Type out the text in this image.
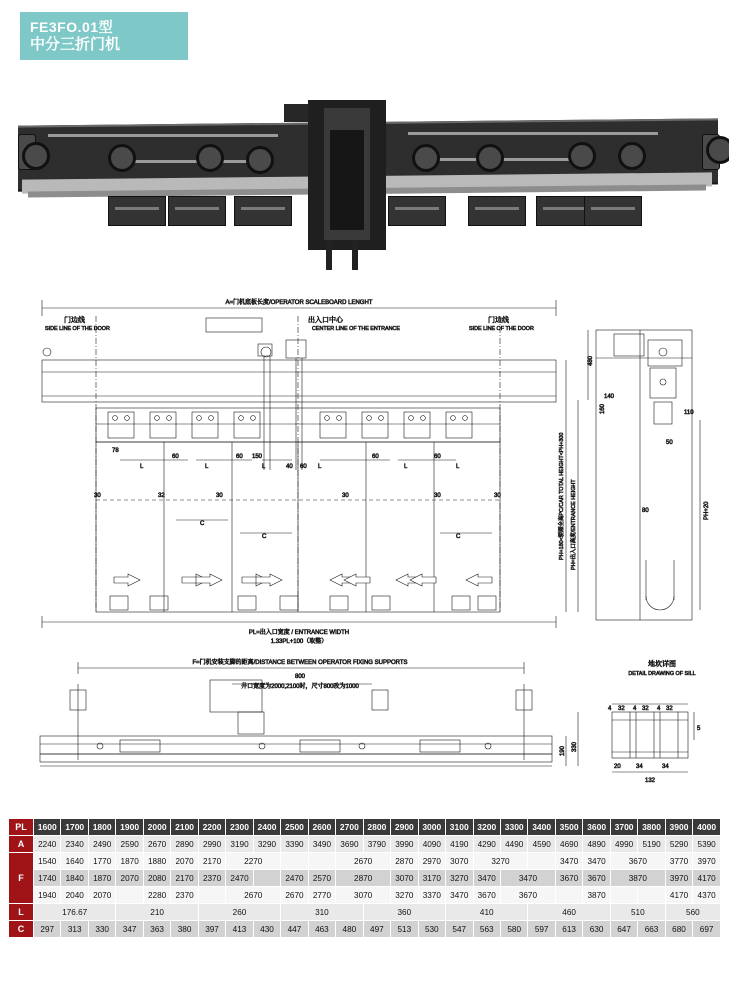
FE3FO.01型
中分三折门机
A=门机底板长度/OPERATOR SCALEBOARD LENGHT
门边线
SIDE LINE OF THE DOOR
出入口中心
CENTER LINE OF THE ENTRANCE
门边线
SIDE LINE OF THE DOOR
L
60
L
60
L	40 60 L
60
L
60
L
78
150
30	32	30	30	30	30
C
C	C
PL=出入口宽度 / ENTRANCE WIDTH
1.33PL+100（取整）
PH+180<轿厢全高PC/CAR TOTAL HEIGHT<PH+300	PH=出入口高度/ENTRANCE HEIGHT
480
140
160	110
50
80	PH+20
F=门机安装支脚的距离/DISTANCE BETWEEN OPERATOR FIXING SUPPORTS
800
井口宽度为2000,2100时，尺寸800改为1000
190 330
地坎详图
DETAIL DRAWING OF SILL
4 32 4 32 4 32
20	34	34
132
5
PL	1600	1700	1800	1900	2000	2100	2200	2300	2400	2500	2600	2700	2800	2900	3000	3100	3200	3300	3400	3500	3600	3700	3800	3900	4000
A	2240	2340	2490	2590	2670	2890	2990	3190	3290	3390	3490	3690	3790	3990	4090	4190	4290	4490	4590	4690	4890	4990	5190	5290	5390
F	1540	1640	1770	1870	1880	2070	2170	2270				2670		2870	2970	3070	3270			3470	3470	3670		3770	3970
	1740	1840	1870	2070	2080	2170	2370	2470		2470	2570	2870		3070	3170	3270	3470	3470		3670	3670	3870		3970	4170
	1940	2040	2070		2280	2370		2670		2670	2770	3070		3270	3370	3470	3670	3670			3870			4170	4370
L	176.67			210			260			310			360			410			460			510		560	
C	297	313	330	347	363	380	397	413	430	447	463	480	497	513	530	547	563	580	597	613	630	647	663	680	697
